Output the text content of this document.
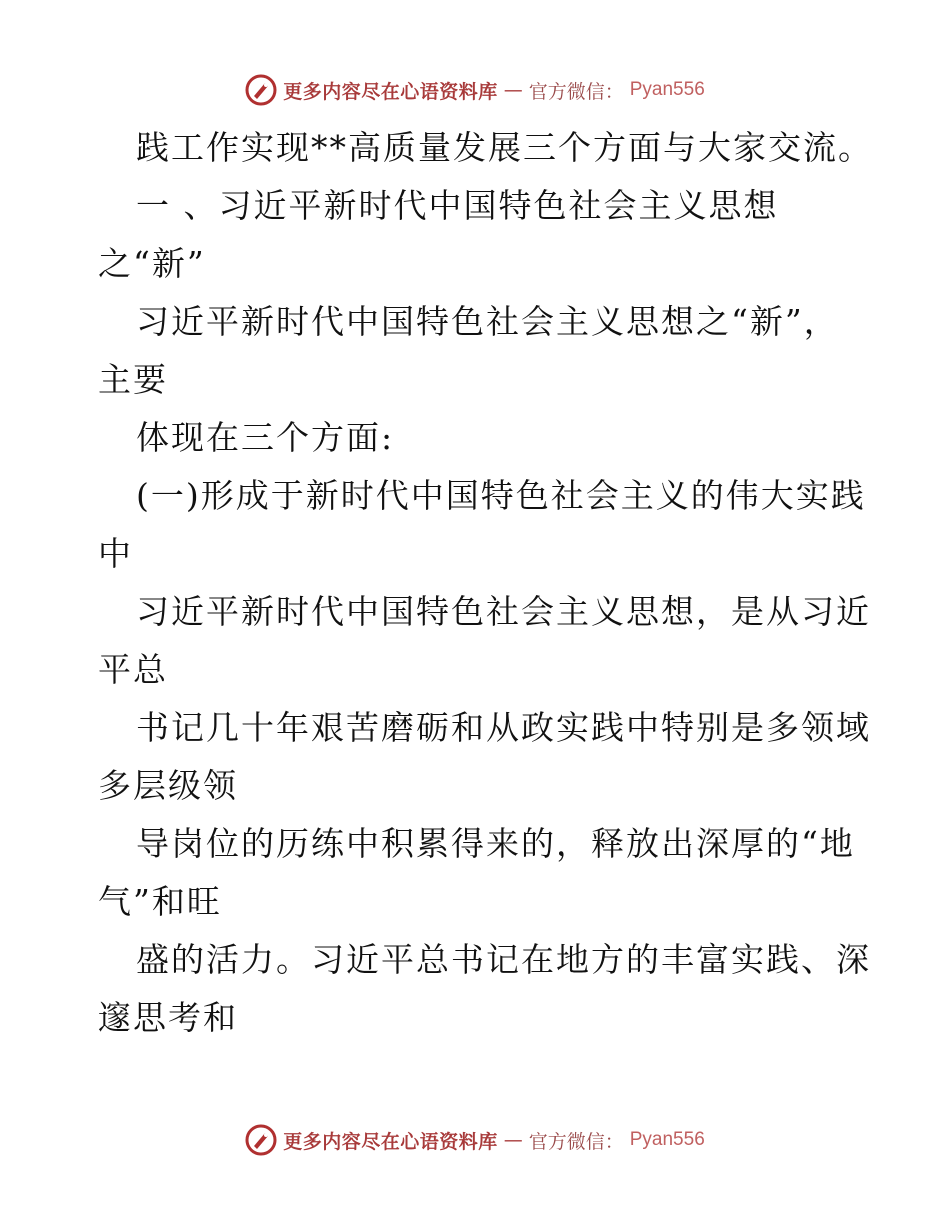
更多内容尽在心语资料库 — 官方微信： Pyan556
践工作实现**高质量发展三个方面与大家交流。
一 、习近平新时代中国特色社会主义思想
之“新”
习近平新时代中国特色社会主义思想之“新”，
主要
体现在三个方面:
(一)形成于新时代中国特色社会主义的伟大实践
中
习近平新时代中国特色社会主义思想，是从习近
平总
书记几十年艰苦磨砺和从政实践中特别是多领域
多层级领
导岗位的历练中积累得来的，释放出深厚的“地
气”和旺
盛的活力。习近平总书记在地方的丰富实践、深
邃思考和
更多内容尽在心语资料库 — 官方微信： Pyan556
